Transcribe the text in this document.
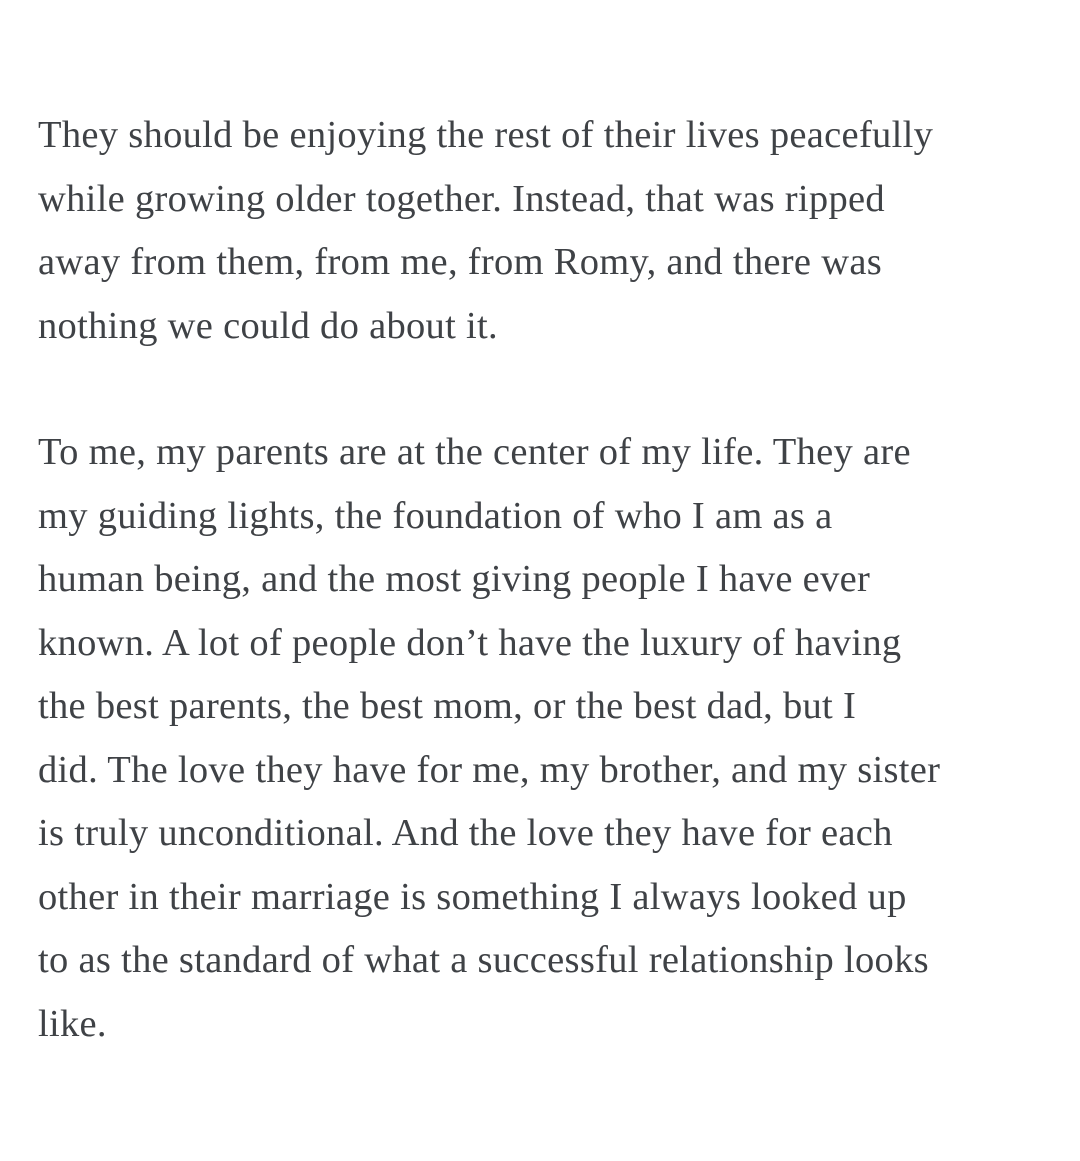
They should be enjoying the rest of their lives peacefully
while growing older together. Instead, that was ripped
away from them, from me, from Romy, and there was
nothing we could do about it.

To me, my parents are at the center of my life. They are
my guiding lights, the foundation of who I am as a
human being, and the most giving people I have ever
known. A lot of people don’t have the luxury of having
the best parents, the best mom, or the best dad, but I
did. The love they have for me, my brother, and my sister
is truly unconditional. And the love they have for each
other in their marriage is something I always looked up
to as the standard of what a successful relationship looks
like.
